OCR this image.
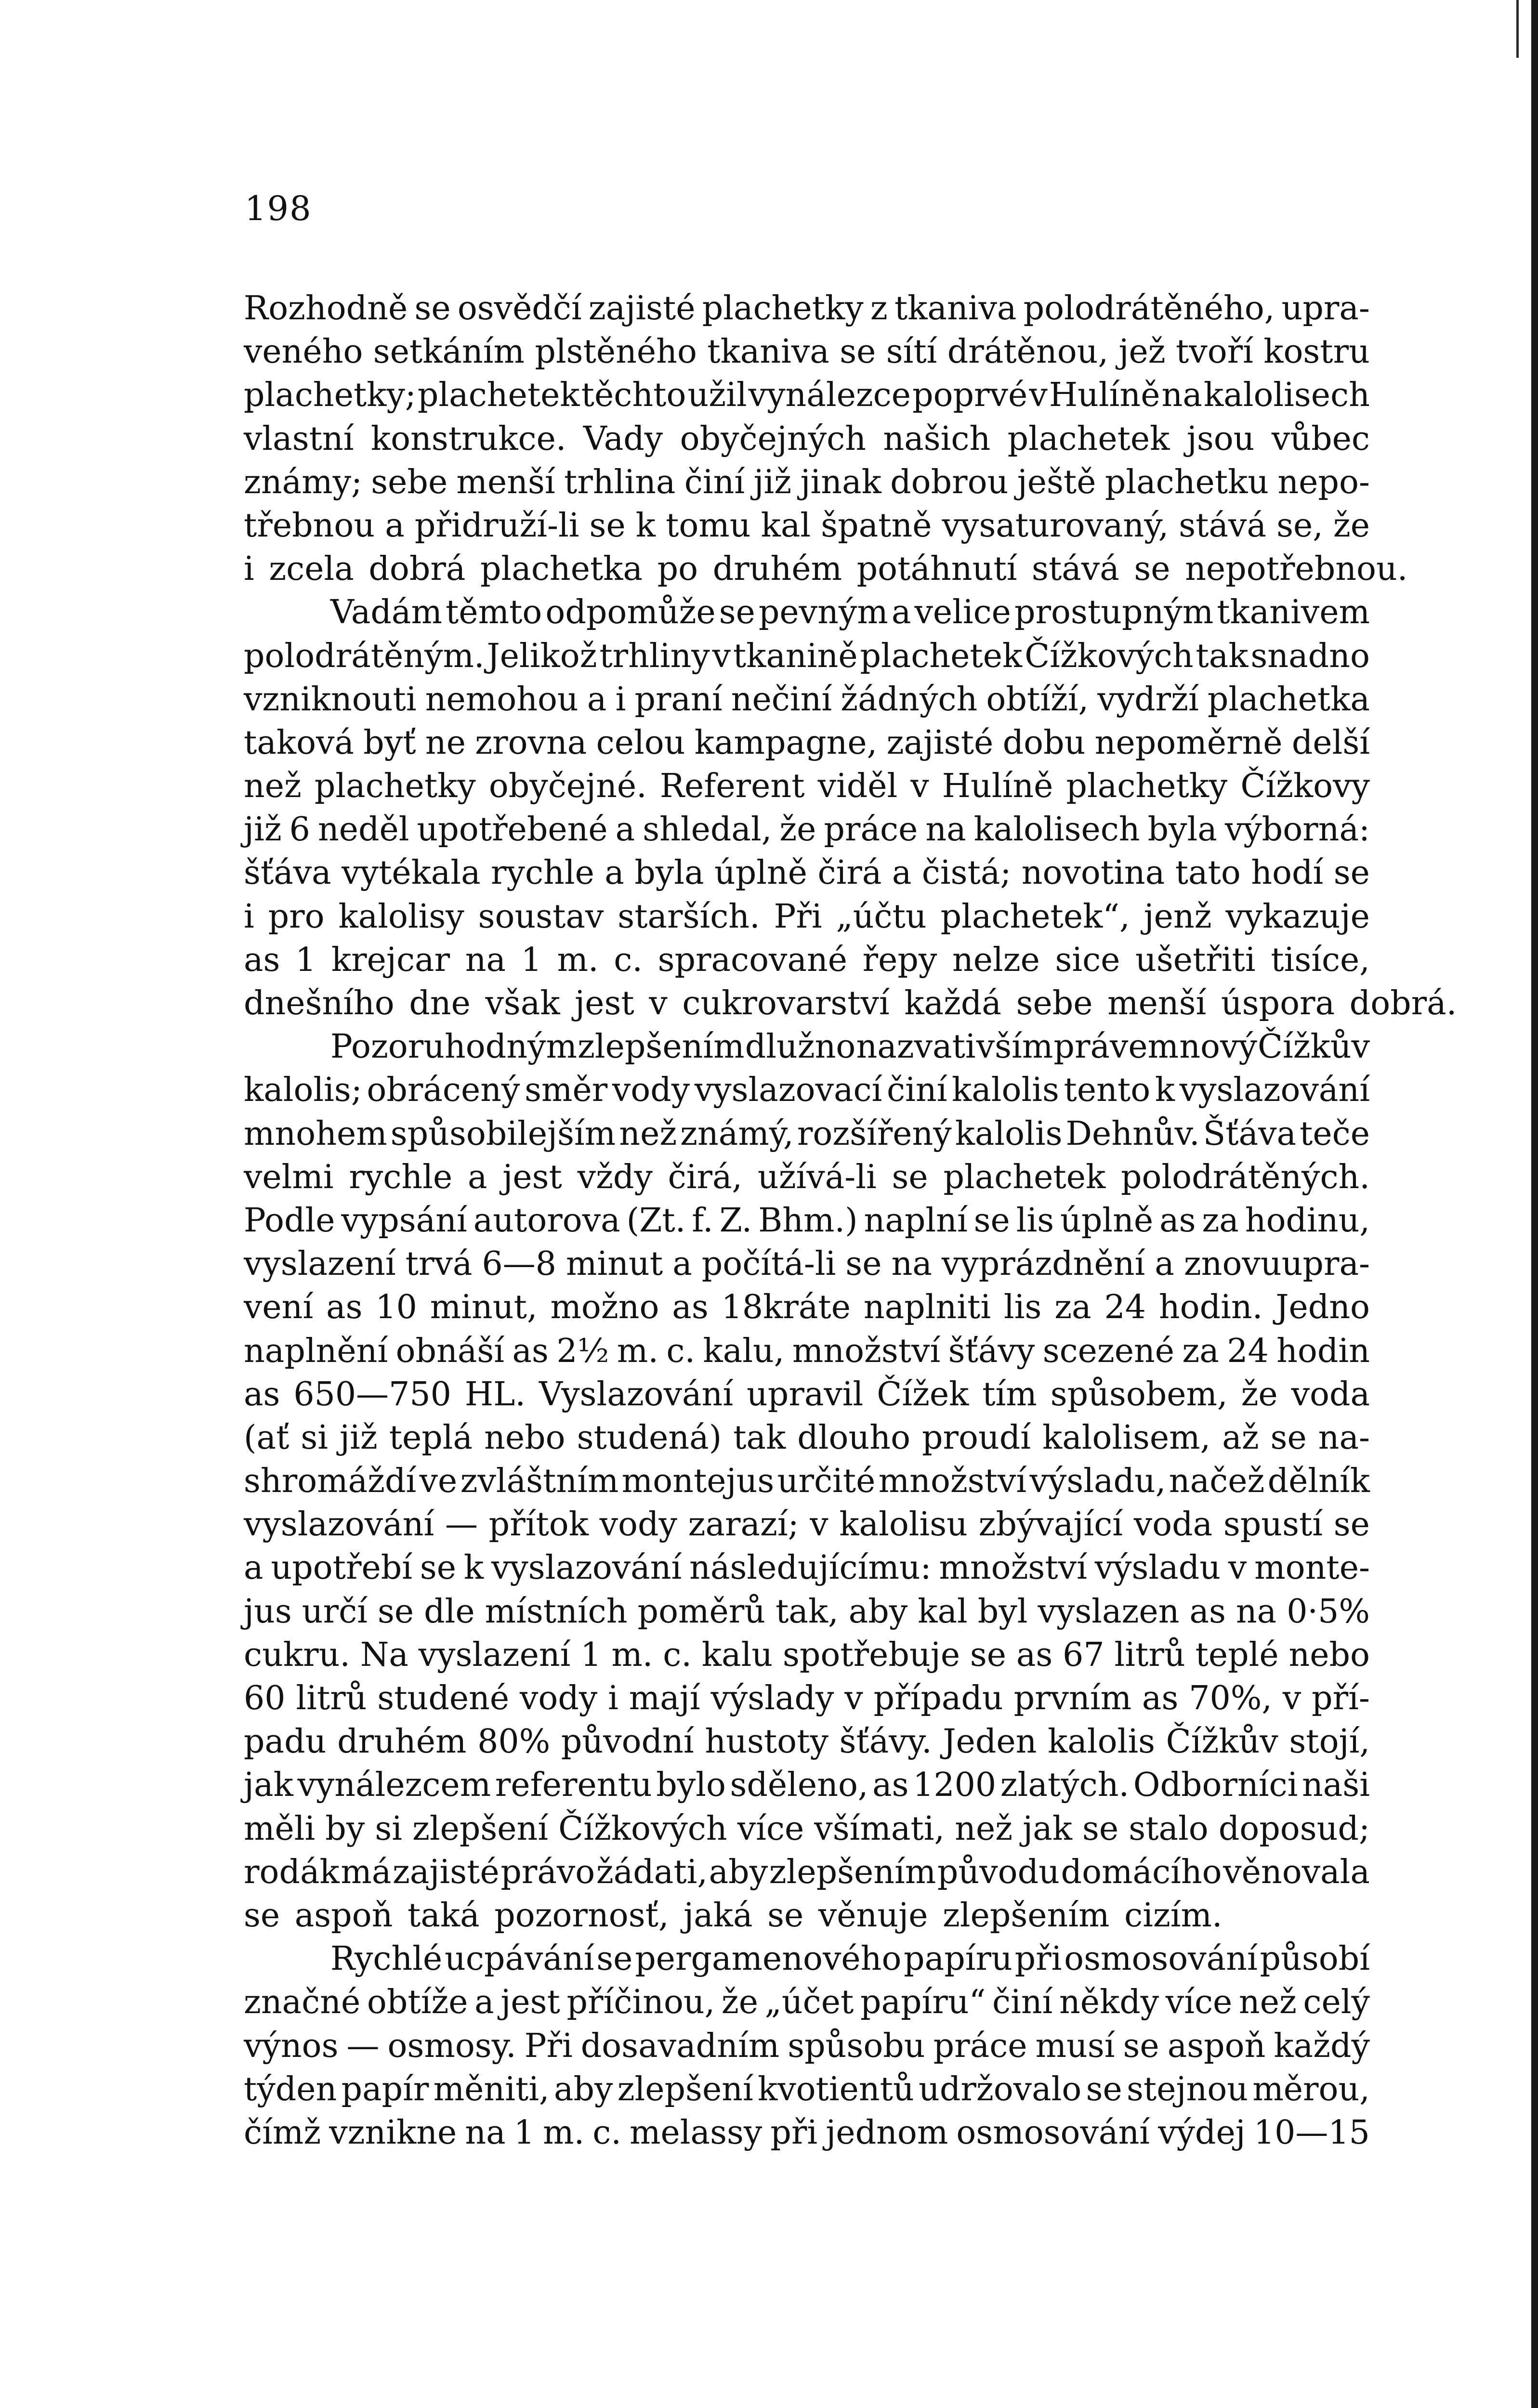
198
Rozhodně se osvědčí zajisté plachetky z tkaniva polodrátěného, upra-
veného setkáním plstěného tkaniva se sítí drátěnou, jež tvoří kostru
plachetky; plachetek těchto užil vynálezce poprvé v Hulíně na kalolisech
vlastní konstrukce. Vady obyčejných našich plachetek jsou vůbec
známy; sebe menší trhlina činí již jinak dobrou ještě plachetku nepo-
třebnou a přidruží-li se k tomu kal špatně vysaturovaný, stává se, že
i zcela dobrá plachetka po druhém potáhnutí stává se nepotřebnou.
Vadám těmto odpomůže se pevným a velice prostupným tkanivem
polodrátěným. Jelikož trhliny v tkanině plachetek Čížkových tak snadno
vzniknouti nemohou a i praní nečiní žádných obtíží, vydrží plachetka
taková byť ne zrovna celou kampagne, zajisté dobu nepoměrně delší
než plachetky obyčejné. Referent viděl v Hulíně plachetky Čížkovy
již 6 neděl upotřebené a shledal, že práce na kalolisech byla výborná:
šťáva vytékala rychle a byla úplně čirá a čistá; novotina tato hodí se
i pro kalolisy soustav starších. Při „účtu plachetek“, jenž vykazuje
as 1 krejcar na 1 m. c. spracované řepy nelze sice ušetřiti tisíce,
dnešního dne však jest v cukrovarství každá sebe menší úspora dobrá.
Pozoruhodným zlepšením dlužno nazvati vším právem nový Čížkův
kalolis; obrácený směr vody vyslazovací činí kalolis tento k vyslazování
mnohem spůsobilejším než známý, rozšířený kalolis Dehnův. Šťáva teče
velmi rychle a jest vždy čirá, užívá-li se plachetek polodrátěných.
Podle vypsání autorova (Zt. f. Z. Bhm.) naplní se lis úplně as za hodinu,
vyslazení trvá 6—8 minut a počítá-li se na vyprázdnění a znovuupra-
vení as 10 minut, možno as 18kráte naplniti lis za 24 hodin. Jedno
naplnění obnáší as 2½ m. c. kalu, množství šťávy scezené za 24 hodin
as 650—750 HL. Vyslazování upravil Čížek tím spůsobem, že voda
(ať si již teplá nebo studená) tak dlouho proudí kalolisem, až se na-
shromáždí ve zvláštním montejus určité množství výsladu, načež dělník
vyslazování — přítok vody zarazí; v kalolisu zbývající voda spustí se
a upotřebí se k vyslazování následujícímu: množství výsladu v monte-
jus určí se dle místních poměrů tak, aby kal byl vyslazen as na 0·5%
cukru. Na vyslazení 1 m. c. kalu spotřebuje se as 67 litrů teplé nebo
60 litrů studené vody i mají výslady v případu prvním as 70%, v pří-
padu druhém 80% původní hustoty šťávy. Jeden kalolis Čížkův stojí,
jak vynálezcem referentu bylo sděleno, as 1200 zlatých. Odborníci naši
měli by si zlepšení Čížkových více všímati, než jak se stalo doposud;
rodák má zajisté právo žádati, aby zlepšením původu domácího věnovala
se aspoň taká pozornosť, jaká se věnuje zlepšením cizím.
Rychlé ucpávání se pergamenového papíru při osmosování působí
značné obtíže a jest příčinou, že „účet papíru“ činí někdy více než celý
výnos — osmosy. Při dosavadním spůsobu práce musí se aspoň každý
týden papír měniti, aby zlepšení kvotientů udržovalo se stejnou měrou,
čímž vznikne na 1 m. c. melassy při jednom osmosování výdej 10—15
